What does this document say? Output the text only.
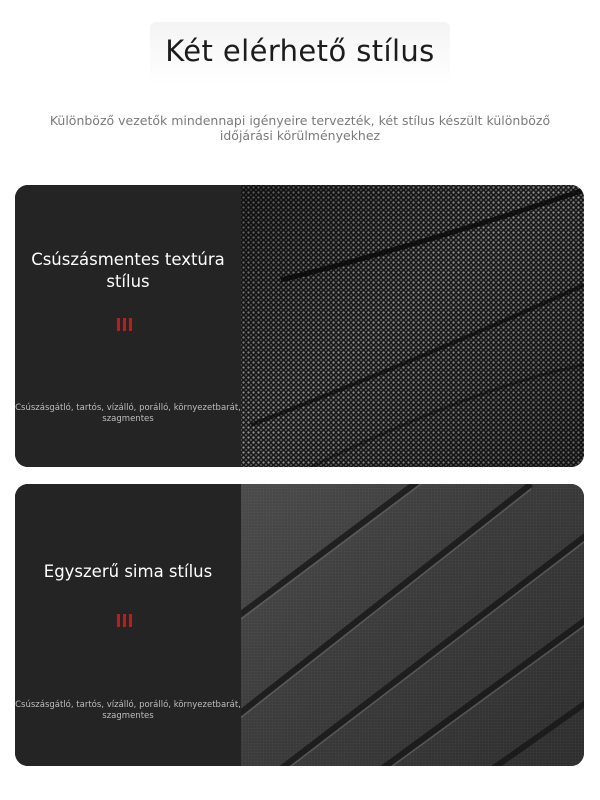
Két elérhető stílus
Különböző vezetők mindennapi igényeire tervezték, két stílus készült különböző időjárási körülményekhez
Csúszásmentes textúra stílus
Csúszásgátló, tartós, vízálló, porálló, környezetbarát, szagmentes
Egyszerű sima stílus
Csúszásgátló, tartós, vízálló, porálló, környezetbarát, szagmentes
